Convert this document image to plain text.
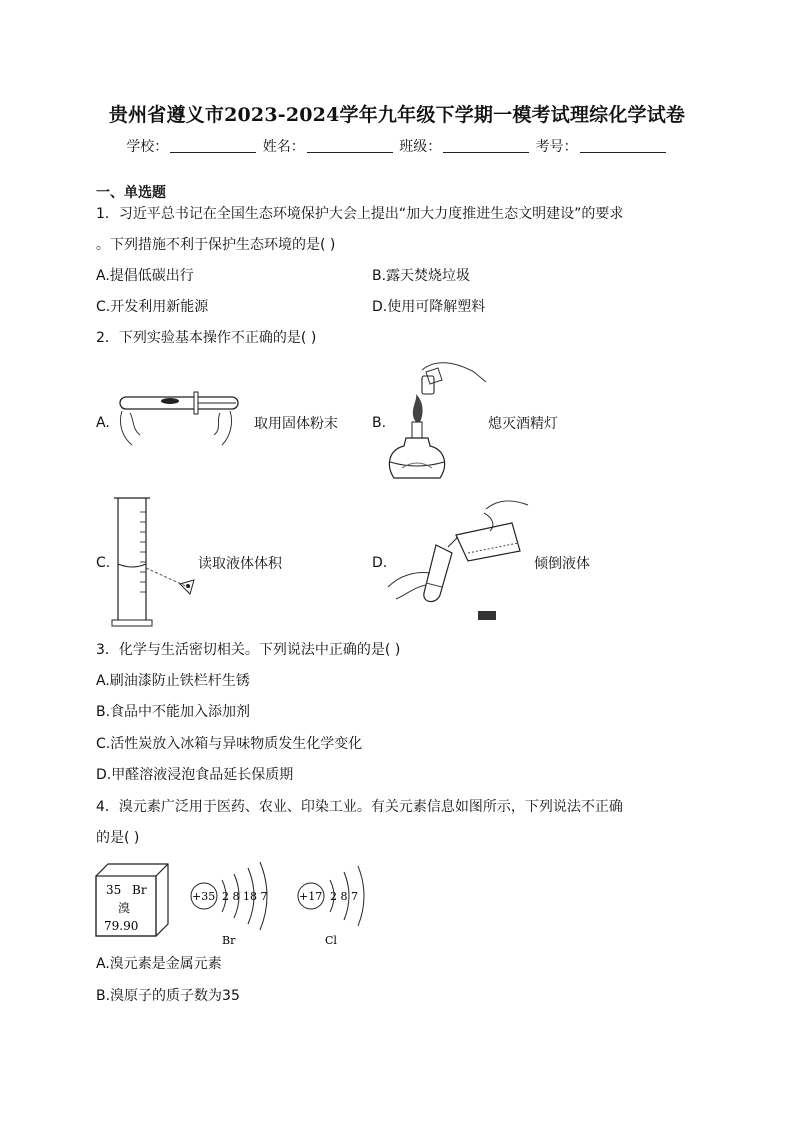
贵州省遵义市2023-2024学年九年级下学期一模考试理综化学试卷
学校：	姓名：	班级：	考号：
一、单选题
1．习近平总书记在全国生态环境保护大会上提出“加大力度推进生态文明建设”的要求
。下列措施不利于保护生态环境的是( )
A.提倡低碳出行	B.露天焚烧垃圾
C.开发利用新能源	D.使用可降解塑料
2．下列实验基本操作不正确的是( )
A.	取用固体粉末 B.	熄灭酒精灯
C.	读取液体体积	D.	倾倒液体
3．化学与生活密切相关。下列说法中正确的是( )
A.刷油漆防止铁栏杆生锈
B.食品中不能加入添加剂
C.活性炭放入冰箱与异味物质发生化学变化
D.甲醛溶液浸泡食品延长保质期
4．溴元素广泛用于医药、农业、印染工业。有关元素信息如图所示，下列说法不正确
的是( )
35 Br
溴
79.90
+35 2 8 18 7
Br
+17 2 8 7
Cl
A.溴元素是金属元素
B.溴原子的质子数为35
